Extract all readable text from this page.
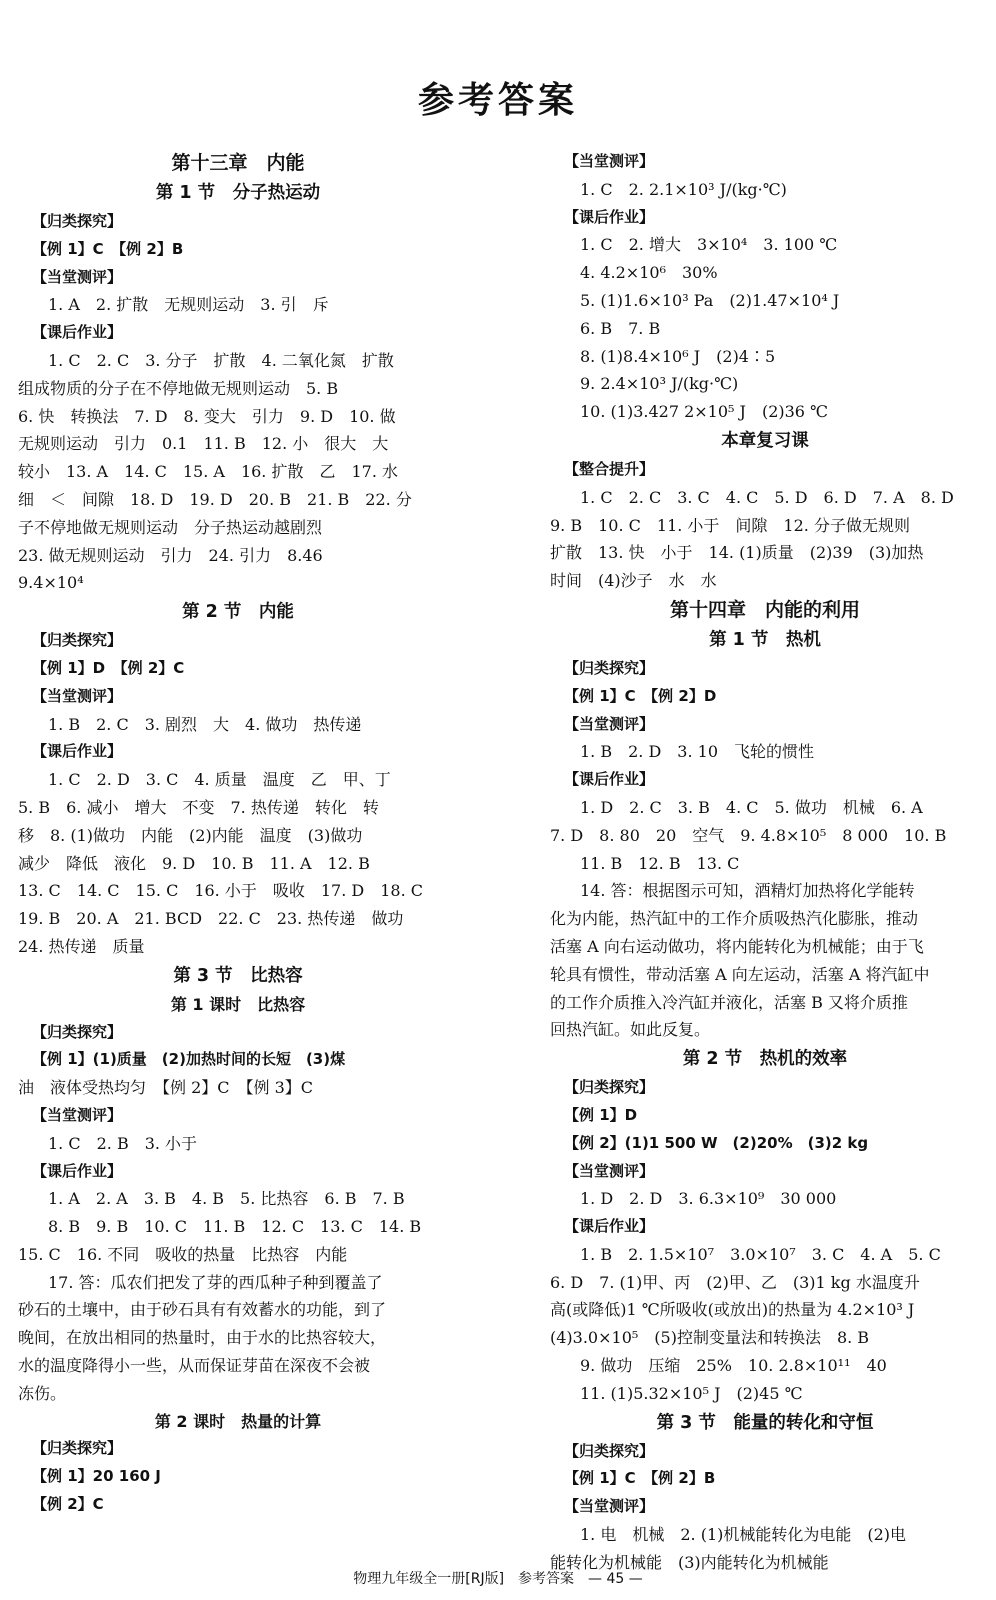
参考答案
第十三章　内能
第 1 节　分子热运动
【归类探究】
【例 1】C　【例 2】B
【当堂测评】
1. A　2. 扩散　无规则运动　3. 引　斥
【课后作业】
1. C　2. C　3. 分子　扩散　4. 二氧化氮　扩散
组成物质的分子在不停地做无规则运动　5. B
6. 快　转换法　7. D　8. 变大　引力　9. D　10. 做
无规则运动　引力　0.1　11. B　12. 小　很大　大
较小　13. A　14. C　15. A　16. 扩散　乙　17. 水
细　＜　间隙　18. D　19. D　20. B　21. B　22. 分
子不停地做无规则运动　分子热运动越剧烈
23. 做无规则运动　引力　24. 引力　8.46
9.4×10⁴
第 2 节　内能
【归类探究】
【例 1】D　【例 2】C
【当堂测评】
1. B　2. C　3. 剧烈　大　4. 做功　热传递
【课后作业】
1. C　2. D　3. C　4. 质量　温度　乙　甲、丁
5. B　6. 减小　增大　不变　7. 热传递　转化　转
移　8. (1)做功　内能　(2)内能　温度　(3)做功
减少　降低　液化　9. D　10. B　11. A　12. B
13. C　14. C　15. C　16. 小于　吸收　17. D　18. C
19. B　20. A　21. BCD　22. C　23. 热传递　做功
24. 热传递　质量
第 3 节　比热容
第 1 课时　比热容
【归类探究】
【例 1】(1)质量　(2)加热时间的长短　(3)煤
油　液体受热均匀　【例 2】C　【例 3】C
【当堂测评】
1. C　2. B　3. 小于
【课后作业】
1. A　2. A　3. B　4. B　5. 比热容　6. B　7. B
8. B　9. B　10. C　11. B　12. C　13. C　14. B
15. C　16. 不同　吸收的热量　比热容　内能
17. 答：瓜农们把发了芽的西瓜种子种到覆盖了
砂石的土壤中，由于砂石具有有效蓄水的功能，到了
晚间，在放出相同的热量时，由于水的比热容较大，
水的温度降得小一些，从而保证芽苗在深夜不会被
冻伤。
第 2 课时　热量的计算
【归类探究】
【例 1】20 160 J
【例 2】C
【当堂测评】
1. C　2. 2.1×10³ J/(kg·℃)
【课后作业】
1. C　2. 增大　3×10⁴　3. 100 ℃
4. 4.2×10⁶　30%
5. (1)1.6×10³ Pa　(2)1.47×10⁴ J
6. B　7. B
8. (1)8.4×10⁶ J　(2)4∶5
9. 2.4×10³ J/(kg·℃)
10. (1)3.427 2×10⁵ J　(2)36 ℃
本章复习课
【整合提升】
1. C　2. C　3. C　4. C　5. D　6. D　7. A　8. D
9. B　10. C　11. 小于　间隙　12. 分子做无规则
扩散　13. 快　小于　14. (1)质量　(2)39　(3)加热
时间　(4)沙子　水　水
第十四章　内能的利用
第 1 节　热机
【归类探究】
【例 1】C　【例 2】D
【当堂测评】
1. B　2. D　3. 10　飞轮的惯性
【课后作业】
1. D　2. C　3. B　4. C　5. 做功　机械　6. A
7. D　8. 80　20　空气　9. 4.8×10⁵　8 000　10. B
11. B　12. B　13. C
14. 答：根据图示可知，酒精灯加热将化学能转
化为内能，热汽缸中的工作介质吸热汽化膨胀，推动
活塞 A 向右运动做功，将内能转化为机械能；由于飞
轮具有惯性，带动活塞 A 向左运动，活塞 A 将汽缸中
的工作介质推入冷汽缸并液化，活塞 B 又将介质推
回热汽缸。如此反复。
第 2 节　热机的效率
【归类探究】
【例 1】D
【例 2】(1)1 500 W　(2)20%　(3)2 kg
【当堂测评】
1. D　2. D　3. 6.3×10⁹　30 000
【课后作业】
1. B　2. 1.5×10⁷　3.0×10⁷　3. C　4. A　5. C
6. D　7. (1)甲、丙　(2)甲、乙　(3)1 kg 水温度升
高(或降低)1 ℃所吸收(或放出)的热量为 4.2×10³ J
(4)3.0×10⁵　(5)控制变量法和转换法　8. B
9. 做功　压缩　25%　10. 2.8×10¹¹　40
11. (1)5.32×10⁵ J　(2)45 ℃
第 3 节　能量的转化和守恒
【归类探究】
【例 1】C　【例 2】B
【当堂测评】
1. 电　机械　2. (1)机械能转化为电能　(2)电
能转化为机械能　(3)内能转化为机械能
物理九年级全一册[RJ版]　参考答案　— 45 —
